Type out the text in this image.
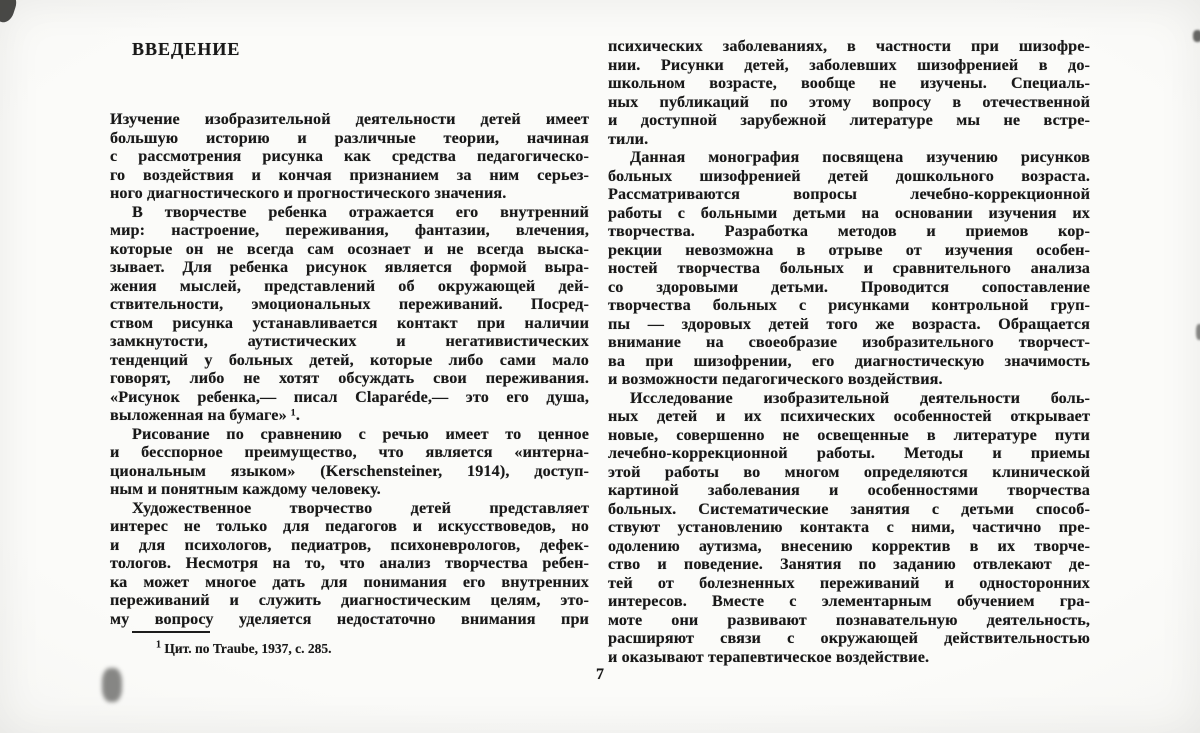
ВВЕДЕНИЕ
Изучение изобразительной деятельности детей имеет
большую историю и различные теории, начиная
с рассмотрения рисунка как средства педагогическо-
го воздействия и кончая признанием за ним серьез-
ного диагностического и прогностического значения.
В творчестве ребенка отражается его внутренний
мир: настроение, переживания, фантазии, влечения,
которые он не всегда сам осознает и не всегда выска-
зывает. Для ребенка рисунок является формой выра-
жения мыслей, представлений об окружающей дей-
ствительности, эмоциональных переживаний. Посред-
ством рисунка устанавливается контакт при наличии
замкнутости, аутистических и негативистических
тенденций у больных детей, которые либо сами мало
говорят, либо не хотят обсуждать свои переживания.
«Рисунок ребенка,— писал Claparéde,— это его душа,
выложенная на бумаге» ¹.
Рисование по сравнению с речью имеет то ценное
и бесспорное преимущество, что является «интерна-
циональным языком» (Kerschensteiner, 1914), доступ-
ным и понятным каждому человеку.
Художественное творчество детей представляет
интерес не только для педагогов и искусствоведов, но
и для психологов, педиатров, психоневрологов, дефек-
тологов. Несмотря на то, что анализ творчества ребен-
ка может многое дать для понимания его внутренних
переживаний и служить диагностическим целям, это-
му вопросу уделяется недостаточно внимания при
психических заболеваниях, в частности при шизофре-
нии. Рисунки детей, заболевших шизофренией в до-
школьном возрасте, вообще не изучены. Специаль-
ных публикаций по этому вопросу в отечественной
и доступной зарубежной литературе мы не встре-
тили.
Данная монография посвящена изучению рисунков
больных шизофренией детей дошкольного возраста.
Рассматриваются вопросы лечебно-коррекционной
работы с больными детьми на основании изучения их
творчества. Разработка методов и приемов кор-
рекции невозможна в отрыве от изучения особен-
ностей творчества больных и сравнительного анализа
со здоровыми детьми. Проводится сопоставление
творчества больных с рисунками контрольной груп-
пы — здоровых детей того же возраста. Обращается
внимание на своеобразие изобразительного творчест-
ва при шизофрении, его диагностическую значимость
и возможности педагогического воздействия.
Исследование изобразительной деятельности боль-
ных детей и их психических особенностей открывает
новые, совершенно не освещенные в литературе пути
лечебно-коррекционной работы. Методы и приемы
этой работы во многом определяются клинической
картиной заболевания и особенностями творчества
больных. Систематические занятия с детьми способ-
ствуют установлению контакта с ними, частично пре-
одолению аутизма, внесению корректив в их творче-
ство и поведение. Занятия по заданию отвлекают де-
тей от болезненных переживаний и односторонних
интересов. Вместе с элементарным обучением гра-
моте они развивают познавательную деятельность,
расширяют связи с окружающей действительностью
и оказывают терапевтическое воздействие.
$^1$ Цит. по Traube, 1937, с. 285.
7
